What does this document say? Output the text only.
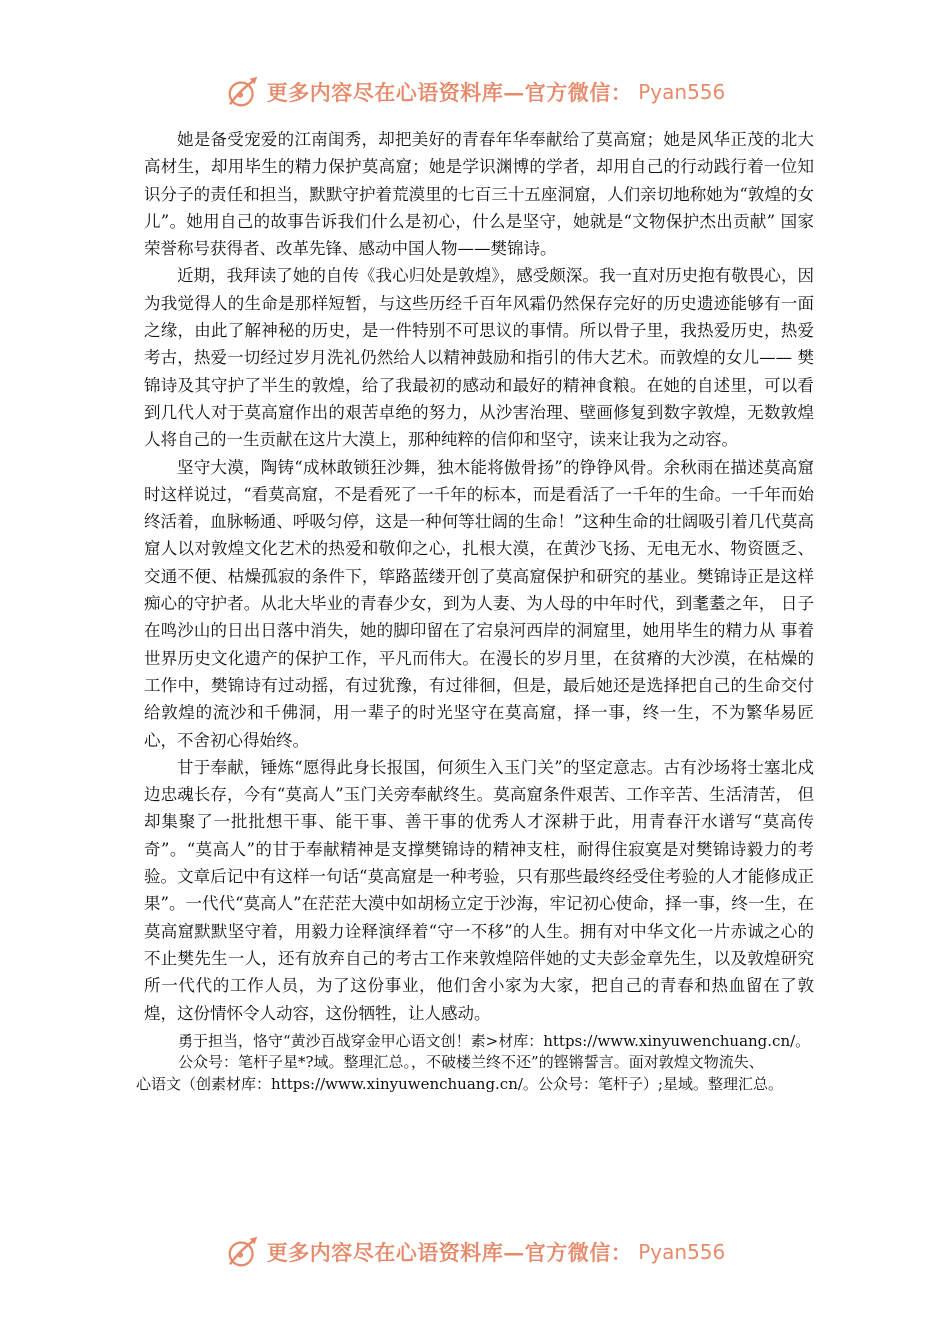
更多内容尽在心语资料库—官方微信： Pyan556

她是备受宠爱的江南闺秀，却把美好的青春年华奉献给了莫高窟；她是风华正茂的北大高材生，却用毕生的精力保护莫高窟；她是学识渊博的学者，却用自己的行动践行着一位知识分子的责任和担当，默默守护着荒漠里的七百三十五座洞窟，人们亲切地称她为“敦煌的女儿”。她用自己的故事告诉我们什么是初心，什么是坚守，她就是“文物保护杰出贡献” 国家荣誉称号获得者、改革先锋、感动中国人物——樊锦诗。

近期，我拜读了她的自传《我心归处是敦煌》，感受颇深。我一直对历史抱有敬畏心，因为我觉得人的生命是那样短暂，与这些历经千百年风霜仍然保存完好的历史遗迹能够有一面之缘，由此了解神秘的历史，是一件特别不可思议的事情。所以骨子里，我热爱历史，热爱考古，热爱一切经过岁月洗礼仍然给人以精神鼓励和指引的伟大艺术。而敦煌的女儿—— 樊锦诗及其守护了半生的敦煌，给了我最初的感动和最好的精神食粮。在她的自述里，可以看到几代人对于莫高窟作出的艰苦卓绝的努力，从沙害治理、壁画修复到数字敦煌，无数敦煌人将自己的一生贡献在这片大漠上，那种纯粹的信仰和坚守，读来让我为之动容。

坚守大漠，陶铸“成林敢锁狂沙舞，独木能将傲骨扬”的铮铮风骨。余秋雨在描述莫高窟时这样说过，“看莫高窟，不是看死了一千年的标本，而是看活了一千年的生命。一千年而始终活着，血脉畅通、呼吸匀停，这是一种何等壮阔的生命！”这种生命的壮阔吸引着几代莫高窟人以对敦煌文化艺术的热爱和敬仰之心，扎根大漠，在黄沙飞扬、无电无水、物资匮乏、交通不便、枯燥孤寂的条件下，筚路蓝缕开创了莫高窟保护和研究的基业。樊锦诗正是这样痴心的守护者。从北大毕业的青春少女，到为人妻、为人母的中年时代，到耄耋之年， 日子在鸣沙山的日出日落中消失，她的脚印留在了宕泉河西岸的洞窟里，她用毕生的精力从 事着世界历史文化遗产的保护工作，平凡而伟大。在漫长的岁月里，在贫瘠的大沙漠，在枯燥的工作中，樊锦诗有过动摇，有过犹豫，有过徘徊，但是，最后她还是选择把自己的生命交付给敦煌的流沙和千佛洞，用一辈子的时光坚守在莫高窟，择一事，终一生，不为繁华易匠心，不舍初心得始终。

甘于奉献，锤炼“愿得此身长报国，何须生入玉门关”的坚定意志。古有沙场将士塞北戍边忠魂长存，今有“莫高人”玉门关旁奉献终生。莫高窟条件艰苦、工作辛苦、生活清苦， 但却集聚了一批批想干事、能干事、善干事的优秀人才深耕于此，用青春汗水谱写“莫高传奇”。“莫高人”的甘于奉献精神是支撑樊锦诗的精神支柱，耐得住寂寞是对樊锦诗毅力的考验。文章后记中有这样一句话“莫高窟是一种考验，只有那些最终经受住考验的人才能修成正果”。一代代“莫高人”在茫茫大漠中如胡杨立定于沙海，牢记初心使命，择一事，终一生，在莫高窟默默坚守着，用毅力诠释演绎着“守一不移”的人生。拥有对中华文化一片赤诚之心的不止樊先生一人，还有放弃自己的考古工作来敦煌陪伴她的丈夫彭金章先生，以及敦煌研究所一代代的工作人员，为了这份事业，他们舍小家为大家，把自己的青春和热血留在了敦煌，这份情怀令人动容，这份牺牲，让人感动。

勇于担当，恪守“黄沙百战穿金甲心语文创！素>材库：https://www.xinyuwenchuang.cn/。公众号：笔杆子星*?域。整理汇总。，不破楼兰终不还”的铿锵誓言。面对敦煌文物流失、

心语文（创素材库：https://www.xinyuwenchuang.cn/。公众号：笔杆子）;星域。整理汇总。

更多内容尽在心语资料库—官方微信： Pyan556
